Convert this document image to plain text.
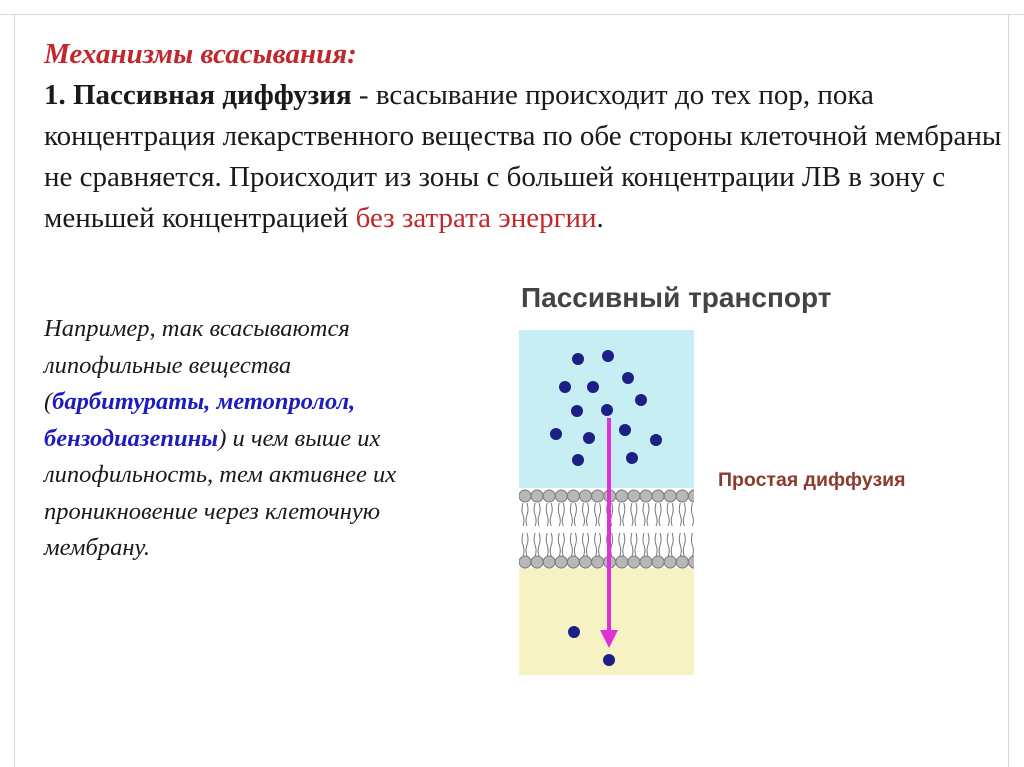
Механизмы всасывания:
1. Пассивная диффузия - всасывание происходит до тех пор, пока концентрация лекарственного вещества по обе стороны клеточной мембраны не сравняется. Происходит из зоны с большей концентрации ЛВ в зону с меньшей концентрацией без затрата энергии.
Например, так всасываются липофильные вещества (барбитураты, метопролол, бензодиазепины) и чем выше их липофильность, тем активнее их проникновение через клеточную мембрану.
Пассивный транспорт
Простая диффузия
